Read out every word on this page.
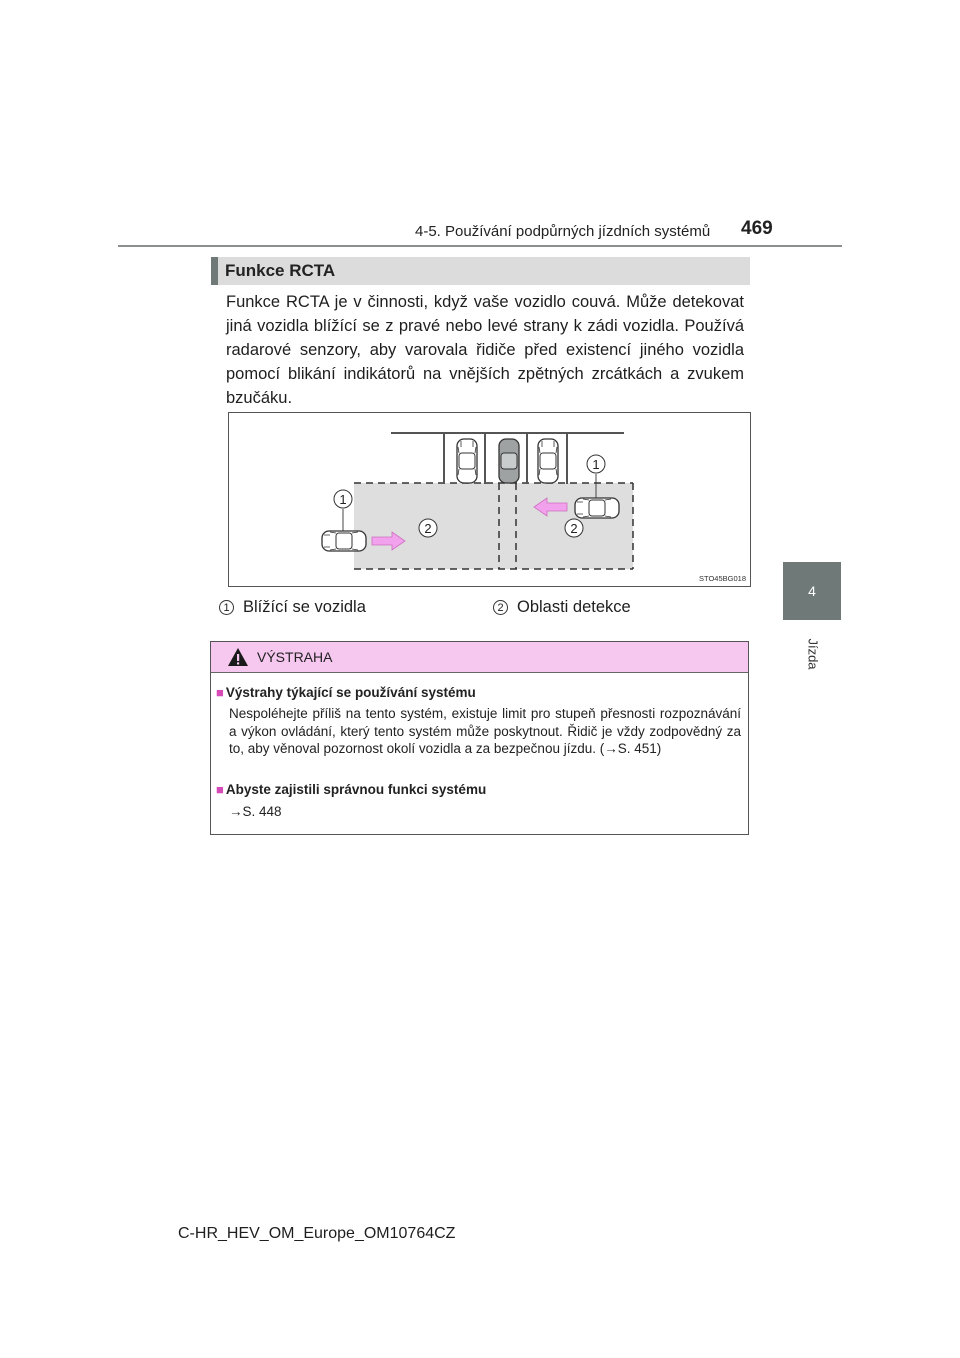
4-5. Používání podpůrných jízdních systémů 469
4
Jízda
Funkce RCTA
Funkce RCTA je v činnosti, když vaše vozidlo couvá. Může detekovat jiná vozidla blížící se z pravé nebo levé strany k zádi vozidla. Používá radarové senzory, aby varovala řidiče před existencí jiného vozidla pomocí blikání indikátorů na vnějších zpětných zrcátkách a zvukem bzučáku.
1
1
2	2
STO45BG018
1 Blížící se vozidla	2 Oblasti detekce
VÝSTRAHA
■ Výstrahy týkající se používání systému
Nespoléhejte příliš na tento systém, existuje limit pro stupeň přesnosti rozpoznávání a výkon ovládání, který tento systém může poskytnout. Řidič je vždy zodpovědný za to, aby věnoval pozornost okolí vozidla a za bezpečnou jízdu. (→S. 451)
■ Abyste zajistili správnou funkci systému
→S. 448
C-HR_HEV_OM_Europe_OM10764CZ
